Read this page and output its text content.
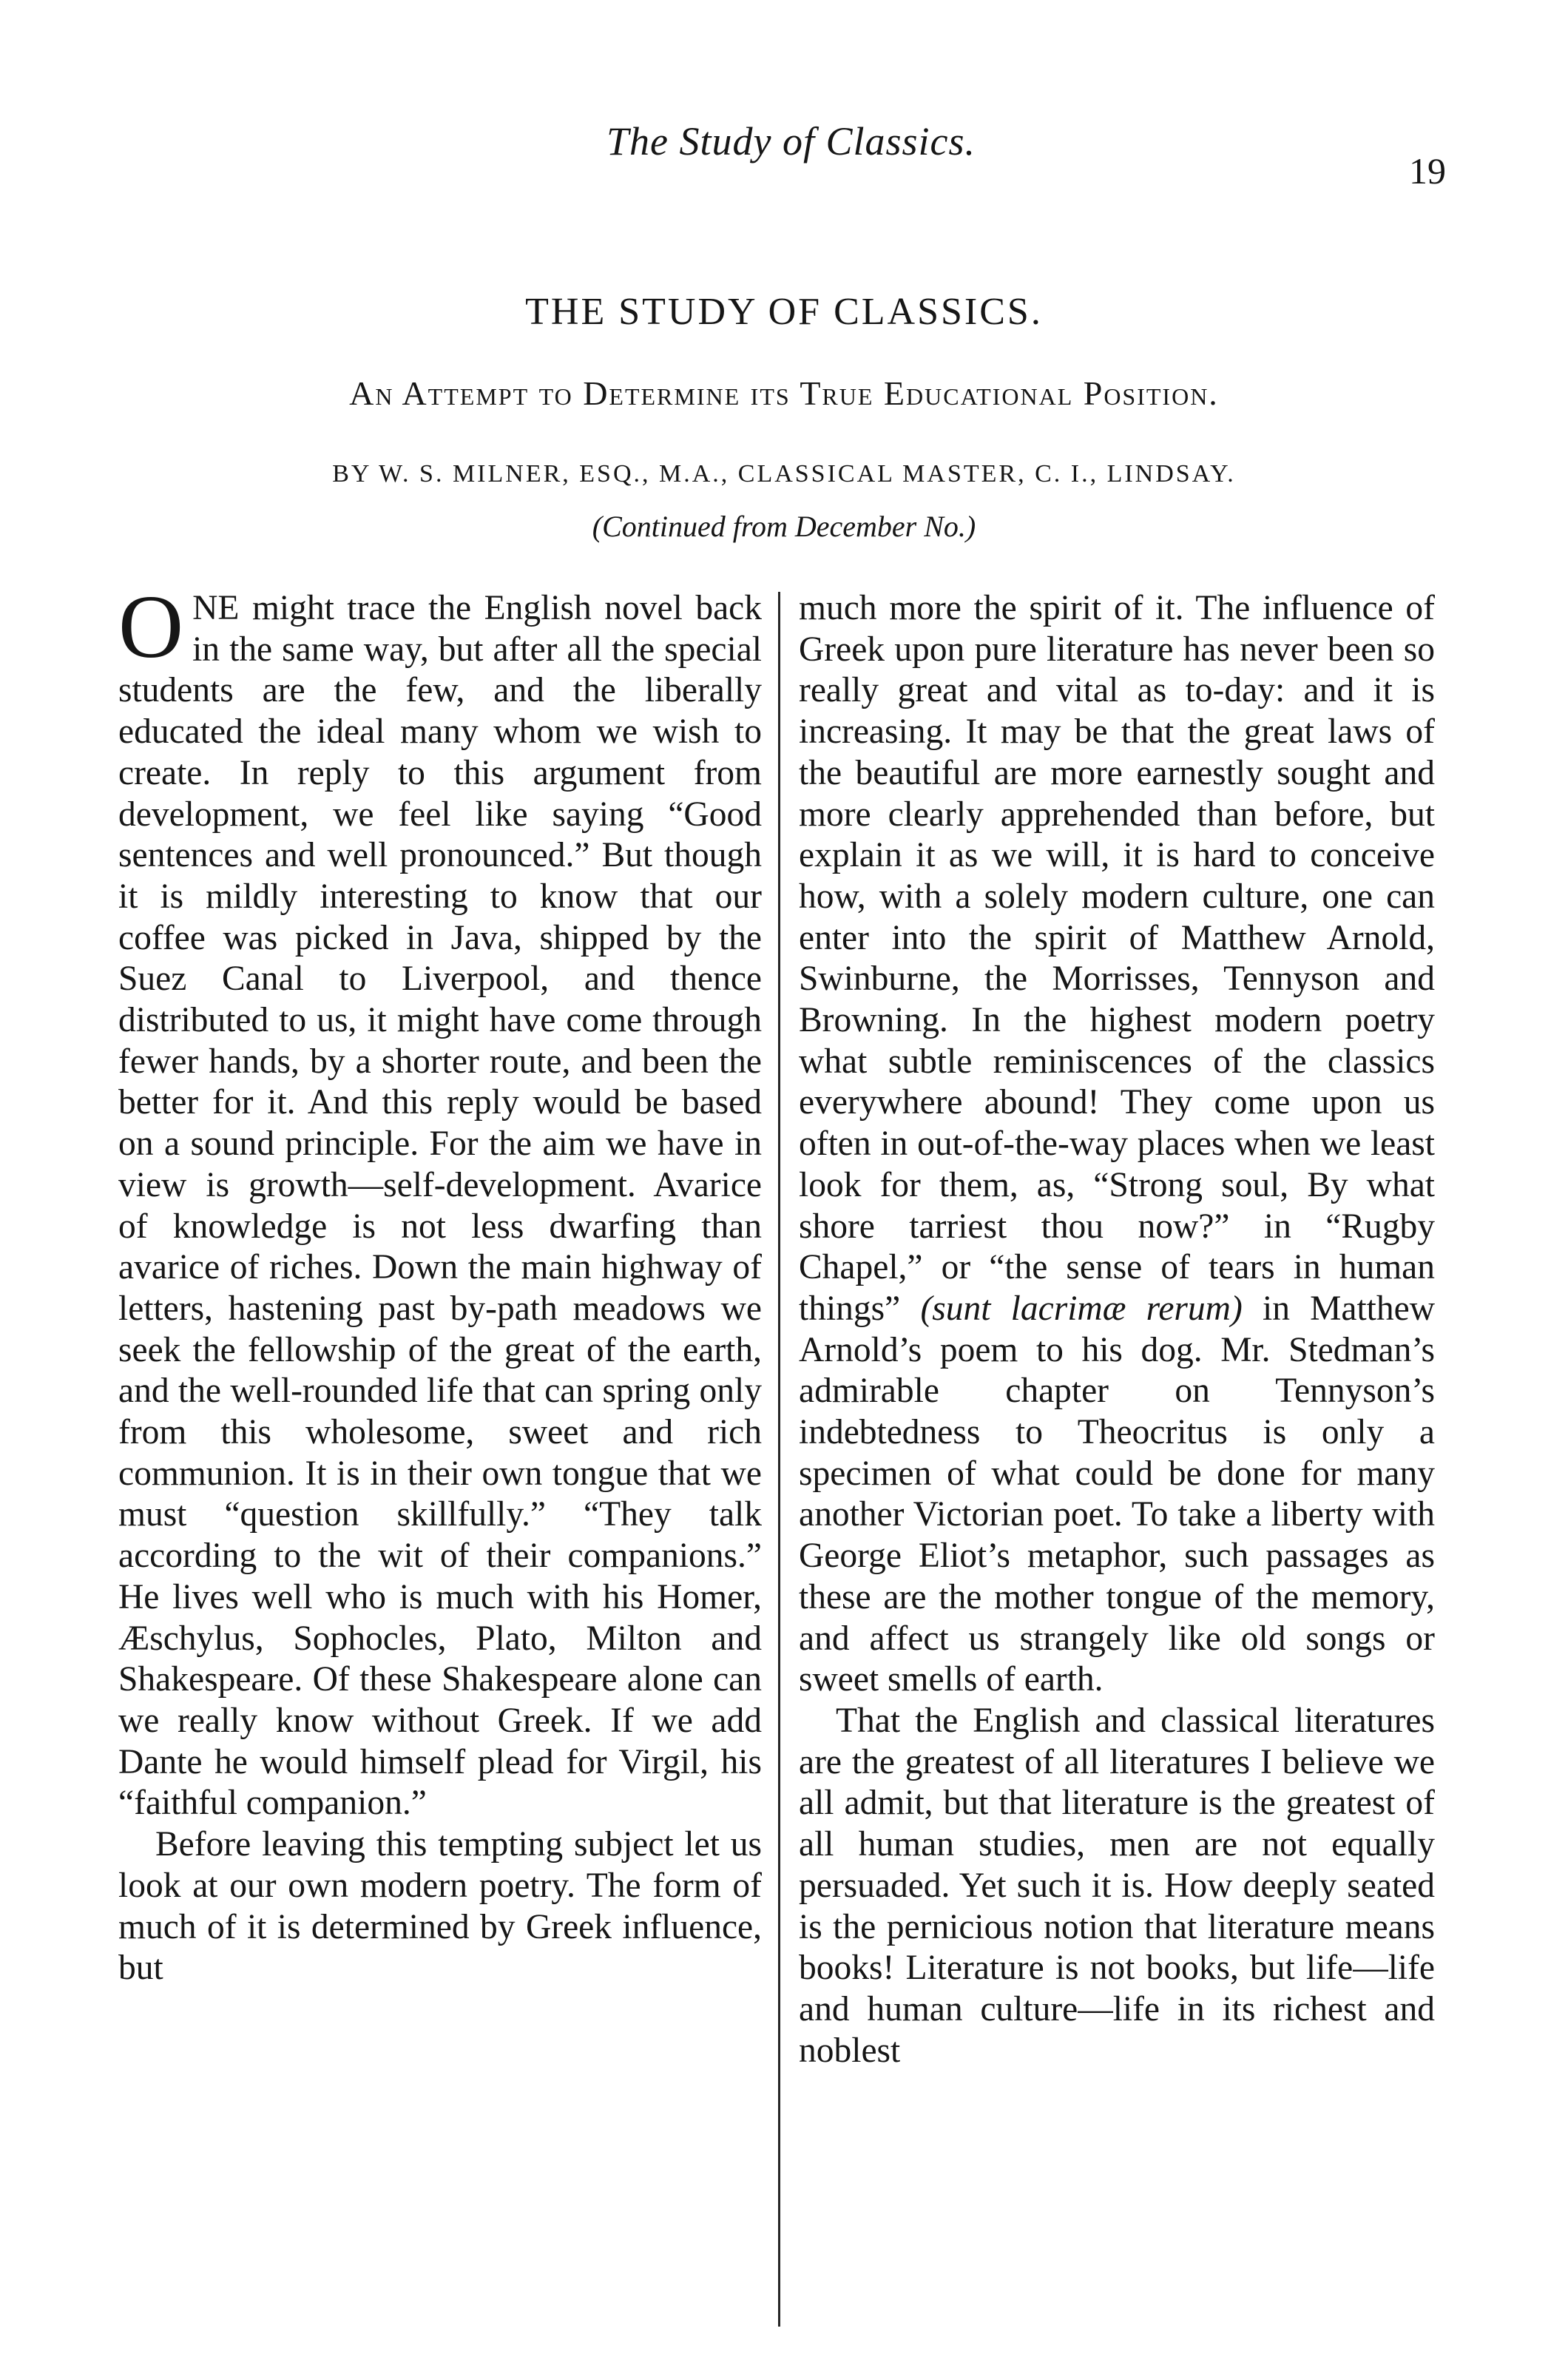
The Study of Classics.
19
THE STUDY OF CLASSICS.
An Attempt to Determine its True Educational Position.
BY W. S. MILNER, ESQ., M.A., CLASSICAL MASTER, C. I., LINDSAY.
(Continued from December No.)

ONE might trace the English novel back in the same way, but after all the special students are the few, and the liberally educated the ideal many whom we wish to create. In reply to this argument from development, we feel like saying “Good sentences and well pronounced.” But though it is mildly interesting to know that our coffee was picked in Java, shipped by the Suez Canal to Liverpool, and thence distributed to us, it might have come through fewer hands, by a shorter route, and been the better for it. And this reply would be based on a sound principle. For the aim we have in view is growth—self-development. Avarice of knowledge is not less dwarfing than avarice of riches. Down the main highway of letters, hastening past by-path meadows we seek the fellowship of the great of the earth, and the well-rounded life that can spring only from this wholesome, sweet and rich communion. It is in their own tongue that we must “question skillfully.” “They talk according to the wit of their companions.” He lives well who is much with his Homer, Æschylus, Sophocles, Plato, Milton and Shakespeare. Of these Shakespeare alone can we really know without Greek. If we add Dante he would himself plead for Virgil, his “faithful companion.”

Before leaving this tempting subject let us look at our own modern poetry. The form of much of it is determined by Greek influence, but

much more the spirit of it. The influence of Greek upon pure literature has never been so really great and vital as to-day: and it is increasing. It may be that the great laws of the beautiful are more earnestly sought and more clearly apprehended than before, but explain it as we will, it is hard to conceive how, with a solely modern culture, one can enter into the spirit of Matthew Arnold, Swinburne, the Morrisses, Tennyson and Browning. In the highest modern poetry what subtle reminiscences of the classics everywhere abound! They come upon us often in out-of-the-way places when we least look for them, as, “Strong soul, By what shore tarriest thou now?” in “Rugby Chapel,” or “the sense of tears in human things” (sunt lacrimæ rerum) in Matthew Arnold’s poem to his dog. Mr. Stedman’s admirable chapter on Tennyson’s indebtedness to Theocritus is only a specimen of what could be done for many another Victorian poet. To take a liberty with George Eliot’s metaphor, such passages as these are the mother tongue of the memory, and affect us strangely like old songs or sweet smells of earth.

That the English and classical literatures are the greatest of all literatures I believe we all admit, but that literature is the greatest of all human studies, men are not equally persuaded. Yet such it is. How deeply seated is the pernicious notion that literature means books! Literature is not books, but life—life and human culture—life in its richest and noblest
